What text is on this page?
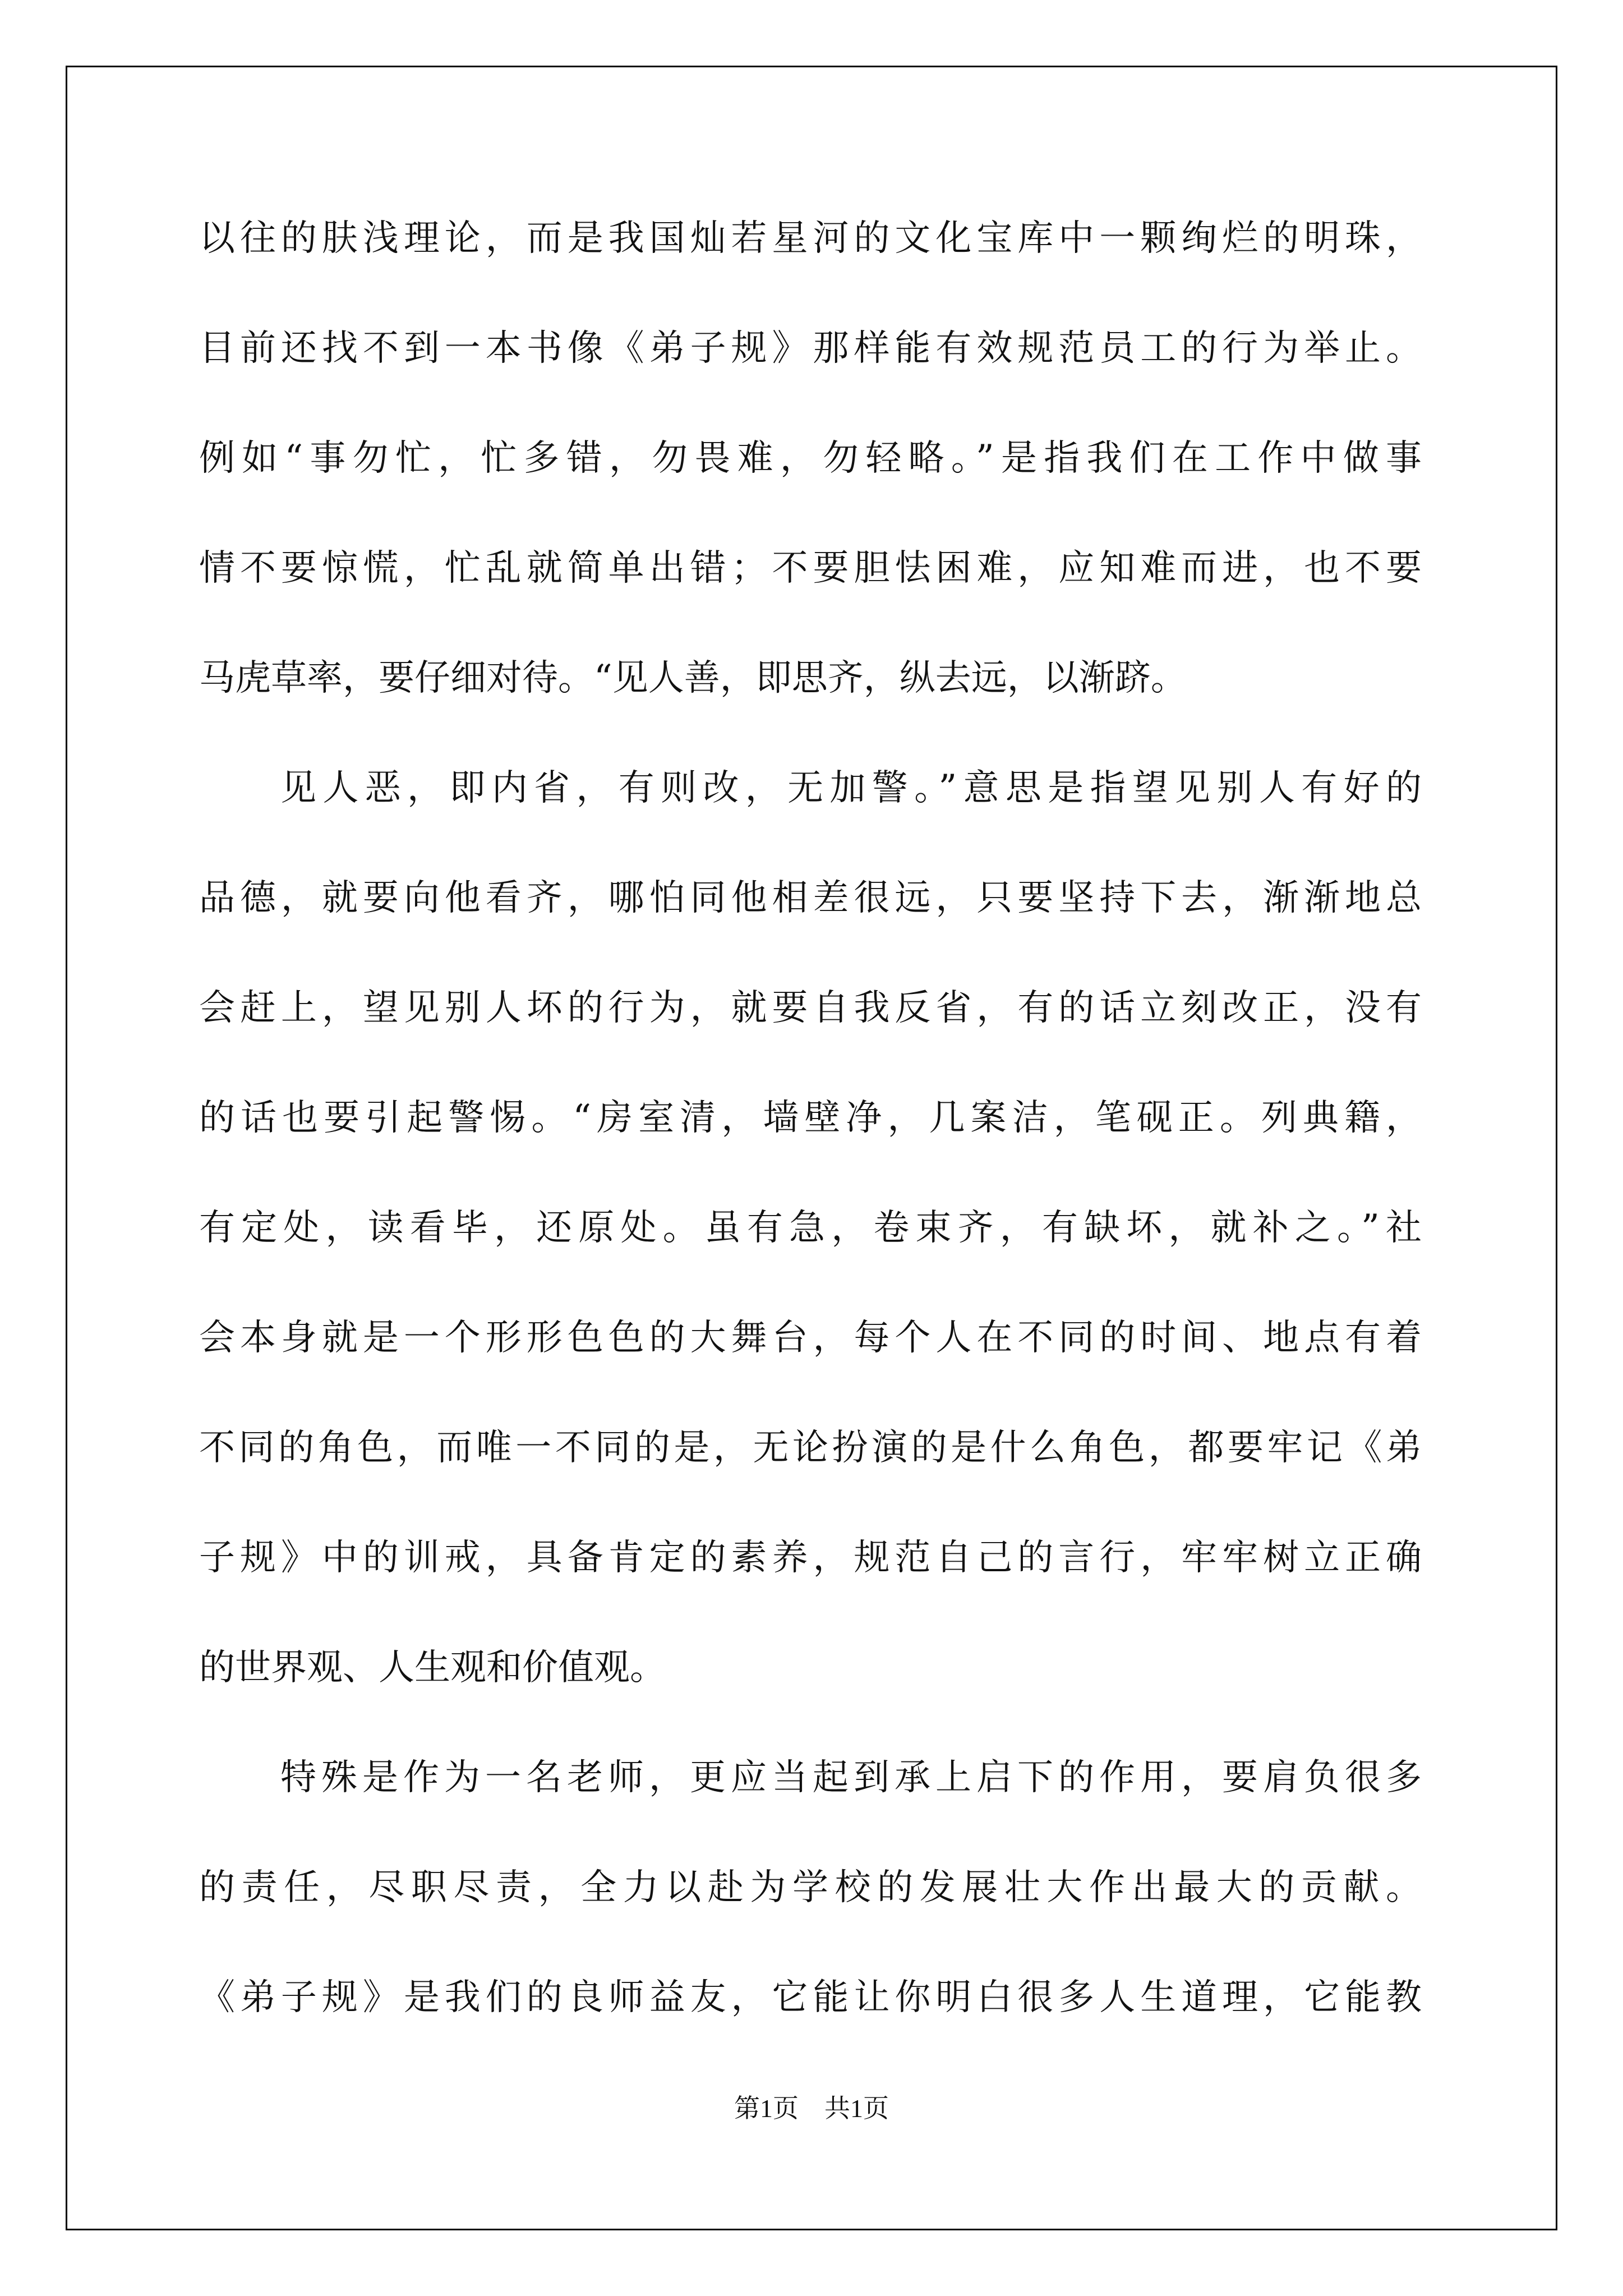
以往的肤浅理论，而是我国灿若星河的文化宝库中一颗绚烂的明珠，

目前还找不到一本书像《弟子规》那样能有效规范员工的行为举止。

例如“事勿忙，忙多错，勿畏难，勿轻略。”是指我们在工作中做事

情不要惊慌，忙乱就简单出错；不要胆怯困难，应知难而进，也不要

马虎草率，要仔细对待。“见人善，即思齐，纵去远，以渐跻。

见人恶，即内省，有则改，无加警。”意思是指望见别人有好的

品德，就要向他看齐，哪怕同他相差很远，只要坚持下去，渐渐地总

会赶上，望见别人坏的行为，就要自我反省，有的话立刻改正，没有

的话也要引起警惕。“房室清，墙壁净，几案洁，笔砚正。列典籍，

有定处，读看毕，还原处。虽有急，卷束齐，有缺坏，就补之。”社

会本身就是一个形形色色的大舞台，每个人在不同的时间、地点有着

不同的角色，而唯一不同的是，无论扮演的是什么角色，都要牢记《弟

子规》中的训戒，具备肯定的素养，规范自己的言行，牢牢树立正确

的世界观、人生观和价值观。

特殊是作为一名老师，更应当起到承上启下的作用，要肩负很多

的责任，尽职尽责，全力以赴为学校的发展壮大作出最大的贡献。

《弟子规》是我们的良师益友，它能让你明白很多人生道理，它能教

第1页　共1页
